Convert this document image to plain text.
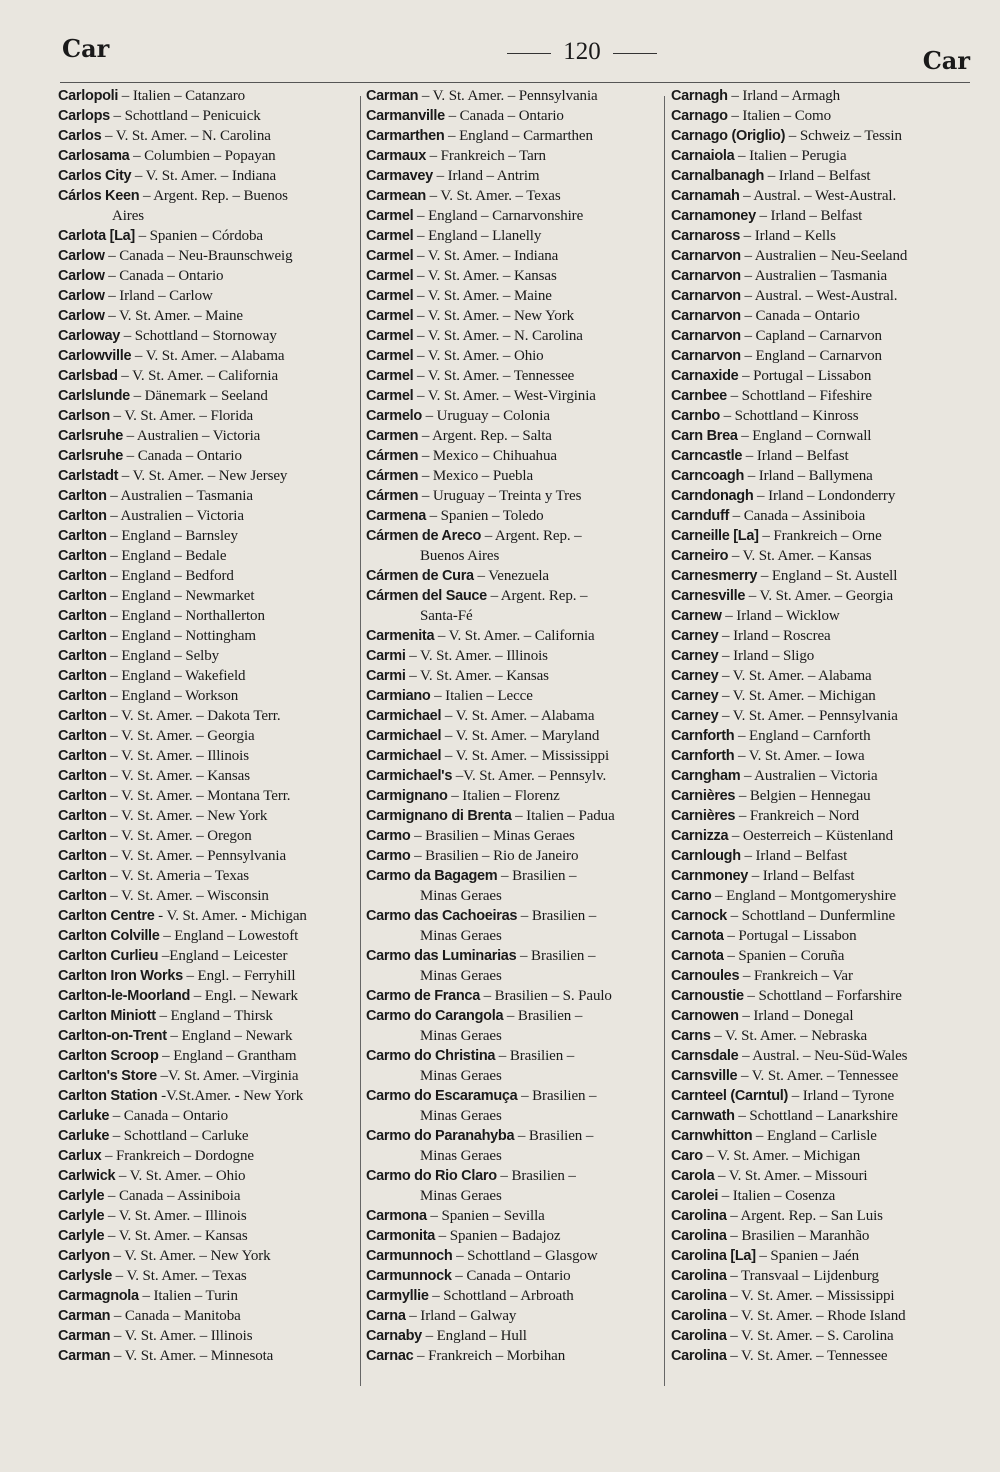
Car	120	Car
Carlopoli – Italien – Catanzaro
Carlops – Schottland – Penicuick
Carlos – V. St. Amer. – N. Carolina
Carlosama – Columbien – Popayan
Carlos City – V. St. Amer. – Indiana
Cárlos Keen – Argent. Rep. – Buenos
Aires
Carlota [La] – Spanien – Córdoba
Carlow – Canada – Neu-Braunschweig
Carlow – Canada – Ontario
Carlow – Irland – Carlow
Carlow – V. St. Amer. – Maine
Carloway – Schottland – Stornoway
Carlowville – V. St. Amer. – Alabama
Carlsbad – V. St. Amer. – California
Carlslunde – Dänemark – Seeland
Carlson – V. St. Amer. – Florida
Carlsruhe – Australien – Victoria
Carlsruhe – Canada – Ontario
Carlstadt – V. St. Amer. – New Jersey
Carlton – Australien – Tasmania
Carlton – Australien – Victoria
Carlton – England – Barnsley
Carlton – England – Bedale
Carlton – England – Bedford
Carlton – England – Newmarket
Carlton – England – Northallerton
Carlton – England – Nottingham
Carlton – England – Selby
Carlton – England – Wakefield
Carlton – England – Workson
Carlton – V. St. Amer. – Dakota Terr.
Carlton – V. St. Amer. – Georgia
Carlton – V. St. Amer. – Illinois
Carlton – V. St. Amer. – Kansas
Carlton – V. St. Amer. – Montana Terr.
Carlton – V. St. Amer. – New York
Carlton – V. St. Amer. – Oregon
Carlton – V. St. Amer. – Pennsylvania
Carlton – V. St. Ameria – Texas
Carlton – V. St. Amer. – Wisconsin
Carlton Centre - V. St. Amer. - Michigan
Carlton Colville – England – Lowestoft
Carlton Curlieu –England – Leicester
Carlton Iron Works – Engl. – Ferryhill
Carlton-le-Moorland – Engl. – Newark
Carlton Miniott – England – Thirsk
Carlton-on-Trent – England – Newark
Carlton Scroop – England – Grantham
Carlton's Store –V. St. Amer. –Virginia
Carlton Station -V.St.Amer. - New York
Carluke – Canada – Ontario
Carluke – Schottland – Carluke
Carlux – Frankreich – Dordogne
Carlwick – V. St. Amer. – Ohio
Carlyle – Canada – Assiniboia
Carlyle – V. St. Amer. – Illinois
Carlyle – V. St. Amer. – Kansas
Carlyon – V. St. Amer. – New York
Carlysle – V. St. Amer. – Texas
Carmagnola – Italien – Turin
Carman – Canada – Manitoba
Carman – V. St. Amer. – Illinois
Carman – V. St. Amer. – Minnesota
Carman – V. St. Amer. – Pennsylvania
Carmanville – Canada – Ontario
Carmarthen – England – Carmarthen
Carmaux – Frankreich – Tarn
Carmavey – Irland – Antrim
Carmean – V. St. Amer. – Texas
Carmel – England – Carnarvonshire
Carmel – England – Llanelly
Carmel – V. St. Amer. – Indiana
Carmel – V. St. Amer. – Kansas
Carmel – V. St. Amer. – Maine
Carmel – V. St. Amer. – New York
Carmel – V. St. Amer. – N. Carolina
Carmel – V. St. Amer. – Ohio
Carmel – V. St. Amer. – Tennessee
Carmel – V. St. Amer. – West-Virginia
Carmelo – Uruguay – Colonia
Carmen – Argent. Rep. – Salta
Cármen – Mexico – Chihuahua
Cármen – Mexico – Puebla
Cármen – Uruguay – Treinta y Tres
Carmena – Spanien – Toledo
Cármen de Areco – Argent. Rep. –
Buenos Aires
Cármen de Cura – Venezuela
Cármen del Sauce – Argent. Rep. –
Santa-Fé
Carmenita – V. St. Amer. – California
Carmi – V. St. Amer. – Illinois
Carmi – V. St. Amer. – Kansas
Carmiano – Italien – Lecce
Carmichael – V. St. Amer. – Alabama
Carmichael – V. St. Amer. – Maryland
Carmichael – V. St. Amer. – Mississippi
Carmichael's –V. St. Amer. – Pennsylv.
Carmignano – Italien – Florenz
Carmignano di Brenta – Italien – Padua
Carmo – Brasilien – Minas Geraes
Carmo – Brasilien – Rio de Janeiro
Carmo da Bagagem – Brasilien –
Minas Geraes
Carmo das Cachoeiras – Brasilien –
Minas Geraes
Carmo das Luminarias – Brasilien –
Minas Geraes
Carmo de Franca – Brasilien – S. Paulo
Carmo do Carangola – Brasilien –
Minas Geraes
Carmo do Christina – Brasilien –
Minas Geraes
Carmo do Escaramuça – Brasilien –
Minas Geraes
Carmo do Paranahyba – Brasilien –
Minas Geraes
Carmo do Rio Claro – Brasilien –
Minas Geraes
Carmona – Spanien – Sevilla
Carmonita – Spanien – Badajoz
Carmunnoch – Schottland – Glasgow
Carmunnock – Canada – Ontario
Carmyllie – Schottland – Arbroath
Carna – Irland – Galway
Carnaby – England – Hull
Carnac – Frankreich – Morbihan
Carnagh – Irland – Armagh
Carnago – Italien – Como
Carnago (Origlio) – Schweiz – Tessin
Carnaiola – Italien – Perugia
Carnalbanagh – Irland – Belfast
Carnamah – Austral. – West-Austral.
Carnamoney – Irland – Belfast
Carnaross – Irland – Kells
Carnarvon – Australien – Neu-Seeland
Carnarvon – Australien – Tasmania
Carnarvon – Austral. – West-Austral.
Carnarvon – Canada – Ontario
Carnarvon – Capland – Carnarvon
Carnarvon – England – Carnarvon
Carnaxide – Portugal – Lissabon
Carnbee – Schottland – Fifeshire
Carnbo – Schottland – Kinross
Carn Brea – England – Cornwall
Carncastle – Irland – Belfast
Carncoagh – Irland – Ballymena
Carndonagh – Irland – Londonderry
Carnduff – Canada – Assiniboia
Carneille [La] – Frankreich – Orne
Carneiro – V. St. Amer. – Kansas
Carnesmerry – England – St. Austell
Carnesville – V. St. Amer. – Georgia
Carnew – Irland – Wicklow
Carney – Irland – Roscrea
Carney – Irland – Sligo
Carney – V. St. Amer. – Alabama
Carney – V. St. Amer. – Michigan
Carney – V. St. Amer. – Pennsylvania
Carnforth – England – Carnforth
Carnforth – V. St. Amer. – Iowa
Carngham – Australien – Victoria
Carnières – Belgien – Hennegau
Carnières – Frankreich – Nord
Carnizza – Oesterreich – Küstenland
Carnlough – Irland – Belfast
Carnmoney – Irland – Belfast
Carno – England – Montgomeryshire
Carnock – Schottland – Dunfermline
Carnota – Portugal – Lissabon
Carnota – Spanien – Coruña
Carnoules – Frankreich – Var
Carnoustie – Schottland – Forfarshire
Carnowen – Irland – Donegal
Carns – V. St. Amer. – Nebraska
Carnsdale – Austral. – Neu-Süd-Wales
Carnsville – V. St. Amer. – Tennessee
Carnteel (Carntul) – Irland – Tyrone
Carnwath – Schottland – Lanarkshire
Carnwhitton – England – Carlisle
Caro – V. St. Amer. – Michigan
Carola – V. St. Amer. – Missouri
Carolei – Italien – Cosenza
Carolina – Argent. Rep. – San Luis
Carolina – Brasilien – Maranhão
Carolina [La] – Spanien – Jaén
Carolina – Transvaal – Lijdenburg
Carolina – V. St. Amer. – Mississippi
Carolina – V. St. Amer. – Rhode Island
Carolina – V. St. Amer. – S. Carolina
Carolina – V. St. Amer. – Tennessee
